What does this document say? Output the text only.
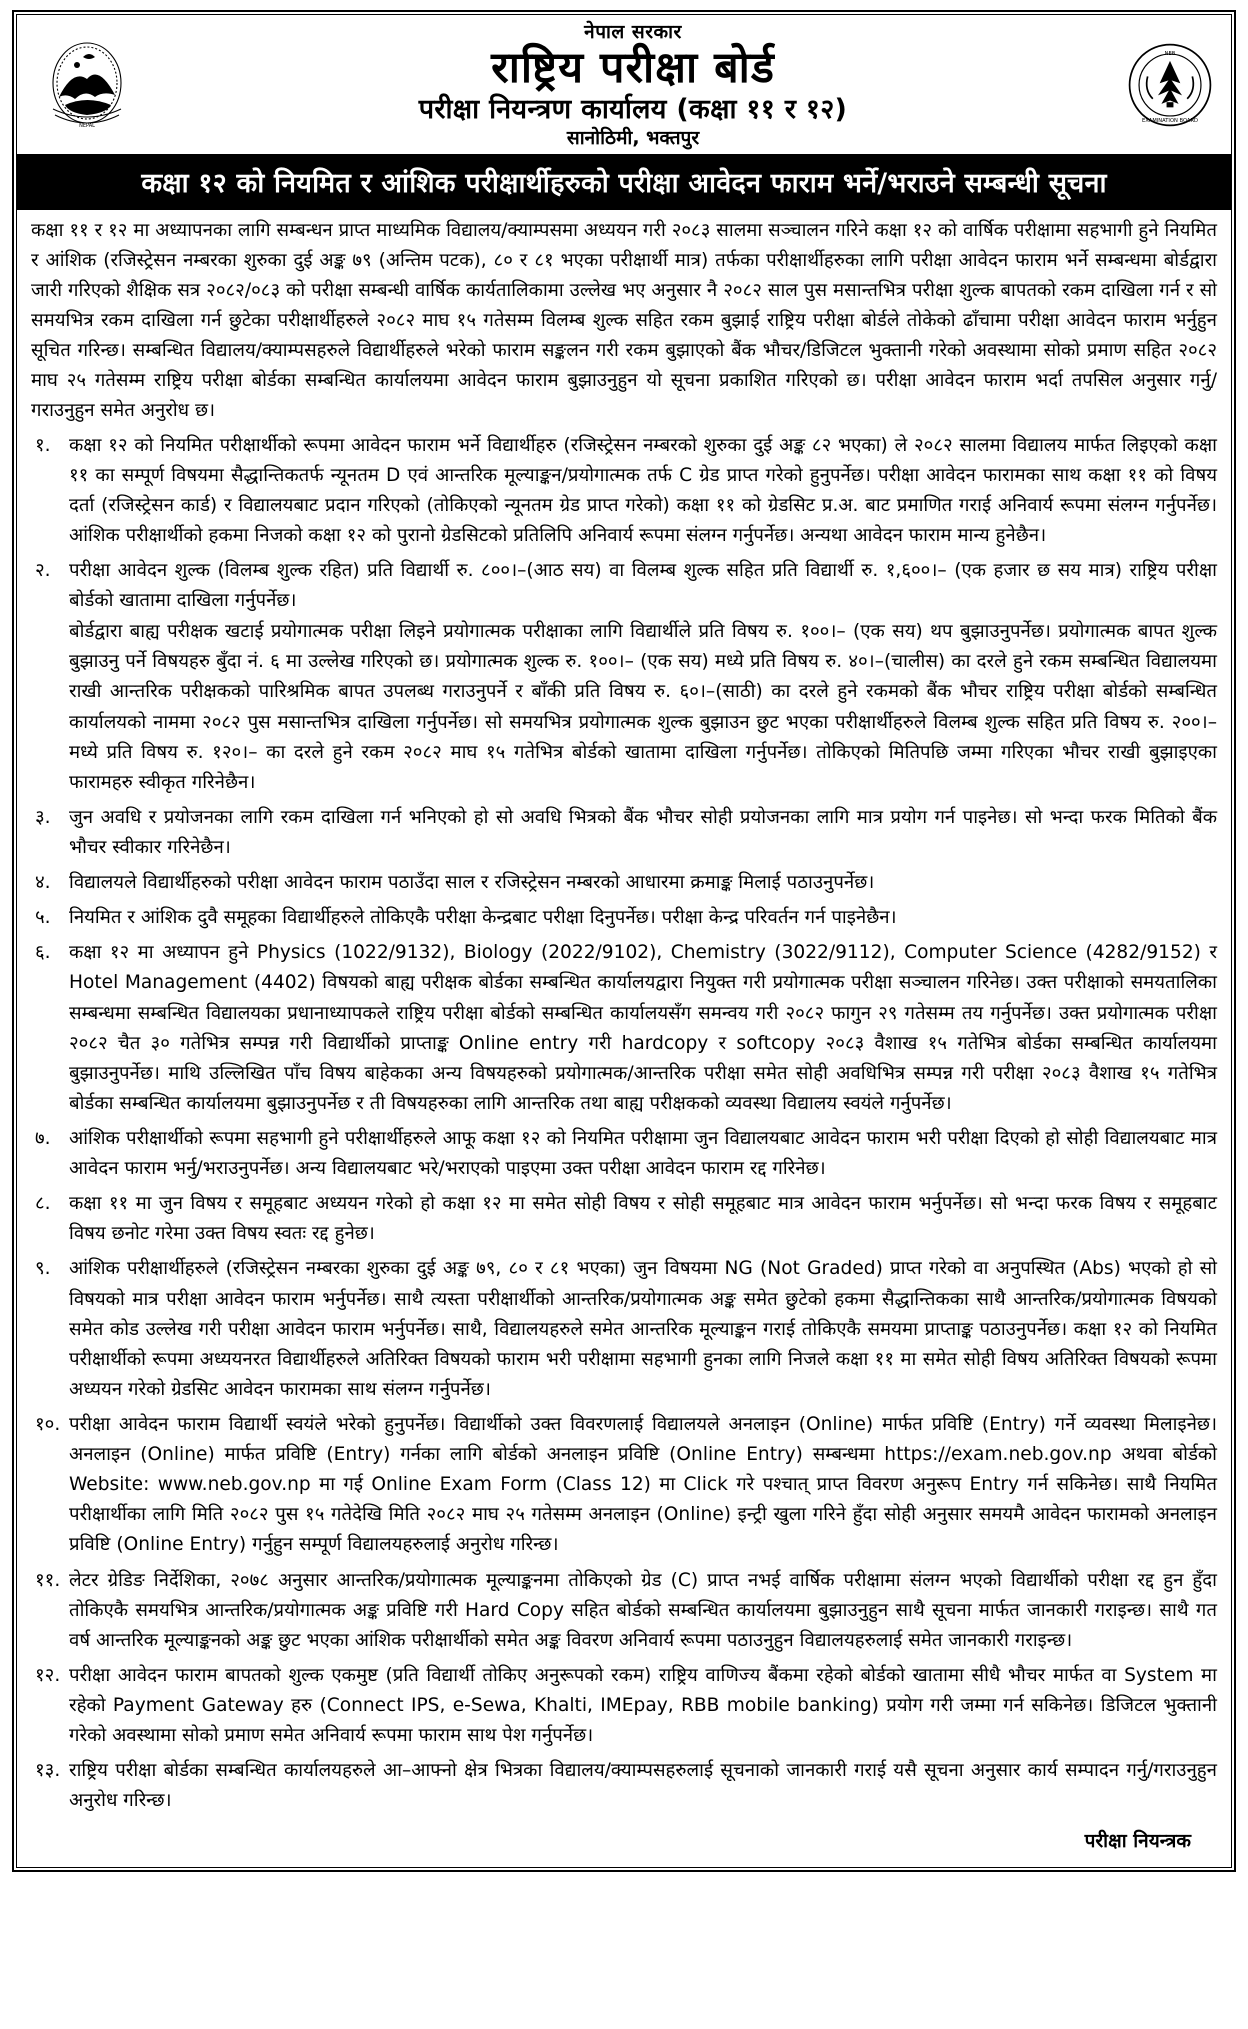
NEPAL
नेपाल सरकार
राष्ट्रिय परीक्षा बोर्ड
परीक्षा नियन्त्रण कार्यालय (कक्षा ११ र १२)
सानोठिमी, भक्तपुर
NEB
EXAMINATION BOARD
कक्षा १२ को नियमित र आंशिक परीक्षार्थीहरुको परीक्षा आवेदन फाराम भर्ने/भराउने सम्बन्धी सूचना

कक्षा ११ र १२ मा अध्यापनका लागि सम्बन्धन प्राप्त माध्यमिक विद्यालय/क्याम्पसमा अध्ययन गरी २०८३ सालमा सञ्चालन गरिने कक्षा १२ को वार्षिक परीक्षामा सहभागी हुने नियमित र आंशिक (रजिस्ट्रेसन नम्बरका शुरुका दुई अङ्क ७९ (अन्तिम पटक), ८० र ८१ भएका परीक्षार्थी मात्र) तर्फका परीक्षार्थीहरुका लागि परीक्षा आवेदन फाराम भर्ने सम्बन्धमा बोर्डद्वारा जारी गरिएको शैक्षिक सत्र २०८२/०८३ को परीक्षा सम्बन्धी वार्षिक कार्यतालिकामा उल्लेख भए अनुसार नै २०८२ साल पुस मसान्तभित्र परीक्षा शुल्क बापतको रकम दाखिला गर्न र सो समयभित्र रकम दाखिला गर्न छुटेका परीक्षार्थीहरुले २०८२ माघ १५ गतेसम्म विलम्ब शुल्क सहित रकम बुझाई राष्ट्रिय परीक्षा बोर्डले तोकेको ढाँचामा परीक्षा आवेदन फाराम भर्नुहुन सूचित गरिन्छ। सम्बन्धित विद्यालय/क्याम्पसहरुले विद्यार्थीहरुले भरेको फाराम सङ्कलन गरी रकम बुझाएको बैंक भौचर/डिजिटल भुक्तानी गरेको अवस्थामा सोको प्रमाण सहित २०८२ माघ २५ गतेसम्म राष्ट्रिय परीक्षा बोर्डका सम्बन्धित कार्यालयमा आवेदन फाराम बुझाउनुहुन यो सूचना प्रकाशित गरिएको छ। परीक्षा आवेदन फाराम भर्दा तपसिल अनुसार गर्नु/गराउनुहुन समेत अनुरोध छ।

१. कक्षा १२ को नियमित परीक्षार्थीको रूपमा आवेदन फाराम भर्ने विद्यार्थीहरु (रजिस्ट्रेसन नम्बरको शुरुका दुई अङ्क ८२ भएका) ले २०८२ सालमा विद्यालय मार्फत लिइएको कक्षा ११ का सम्पूर्ण विषयमा सैद्धान्तिकतर्फ न्यूनतम D एवं आन्तरिक मूल्याङ्कन/प्रयोगात्मक तर्फ C ग्रेड प्राप्त गरेको हुनुपर्नेछ। परीक्षा आवेदन फारामका साथ कक्षा ११ को विषय दर्ता (रजिस्ट्रेसन कार्ड) र विद्यालयबाट प्रदान गरिएको (तोकिएको न्यूनतम ग्रेड प्राप्त गरेको) कक्षा ११ को ग्रेडसिट प्र.अ. बाट प्रमाणित गराई अनिवार्य रूपमा संलग्न गर्नुपर्नेछ। आंशिक परीक्षार्थीको हकमा निजको कक्षा १२ को पुरानो ग्रेडसिटको प्रतिलिपि अनिवार्य रूपमा संलग्न गर्नुपर्नेछ। अन्यथा आवेदन फाराम मान्य हुनेछैन।

२. परीक्षा आवेदन शुल्क (विलम्ब शुल्क रहित) प्रति विद्यार्थी रु. ८००।–(आठ सय) वा विलम्ब शुल्क सहित प्रति विद्यार्थी रु. १,६००।– (एक हजार छ सय मात्र) राष्ट्रिय परीक्षा बोर्डको खातामा दाखिला गर्नुपर्नेछ।

बोर्डद्वारा बाह्य परीक्षक खटाई प्रयोगात्मक परीक्षा लिइने प्रयोगात्मक परीक्षाका लागि विद्यार्थीले प्रति विषय रु. १००।– (एक सय) थप बुझाउनुपर्नेछ। प्रयोगात्मक बापत शुल्क बुझाउनु पर्ने विषयहरु बुँदा नं. ६ मा उल्लेख गरिएको छ। प्रयोगात्मक शुल्क रु. १००।– (एक सय) मध्ये प्रति विषय रु. ४०।–(चालीस) का दरले हुने रकम सम्बन्धित विद्यालयमा राखी आन्तरिक परीक्षकको पारिश्रमिक बापत उपलब्ध गराउनुपर्ने र बाँकी प्रति विषय रु. ६०।–(साठी) का दरले हुने रकमको बैंक भौचर राष्ट्रिय परीक्षा बोर्डको सम्बन्धित कार्यालयको नाममा २०८२ पुस मसान्तभित्र दाखिला गर्नुपर्नेछ। सो समयभित्र प्रयोगात्मक शुल्क बुझाउन छुट भएका परीक्षार्थीहरुले विलम्ब शुल्क सहित प्रति विषय रु. २००।– मध्ये प्रति विषय रु. १२०।– का दरले हुने रकम २०८२ माघ १५ गतेभित्र बोर्डको खातामा दाखिला गर्नुपर्नेछ। तोकिएको मितिपछि जम्मा गरिएका भौचर राखी बुझाइएका फारामहरु स्वीकृत गरिनेछैन।

३. जुन अवधि र प्रयोजनका लागि रकम दाखिला गर्न भनिएको हो सो अवधि भित्रको बैंक भौचर सोही प्रयोजनका लागि मात्र प्रयोग गर्न पाइनेछ। सो भन्दा फरक मितिको बैंक भौचर स्वीकार गरिनेछैन।

४. विद्यालयले विद्यार्थीहरुको परीक्षा आवेदन फाराम पठाउँदा साल र रजिस्ट्रेसन नम्बरको आधारमा क्रमाङ्क मिलाई पठाउनुपर्नेछ।

५. नियमित र आंशिक दुवै समूहका विद्यार्थीहरुले तोकिएकै परीक्षा केन्द्रबाट परीक्षा दिनुपर्नेछ। परीक्षा केन्द्र परिवर्तन गर्न पाइनेछैन।

६. कक्षा १२ मा अध्यापन हुने Physics (1022/9132), Biology (2022/9102), Chemistry (3022/9112), Computer Science (4282/9152) र Hotel Management (4402) विषयको बाह्य परीक्षक बोर्डका सम्बन्धित कार्यालयद्वारा नियुक्त गरी प्रयोगात्मक परीक्षा सञ्चालन गरिनेछ। उक्त परीक्षाको समयतालिका सम्बन्धमा सम्बन्धित विद्यालयका प्रधानाध्यापकले राष्ट्रिय परीक्षा बोर्डको सम्बन्धित कार्यालयसँग समन्वय गरी २०८२ फागुन २९ गतेसम्म तय गर्नुपर्नेछ। उक्त प्रयोगात्मक परीक्षा २०८२ चैत ३० गतेभित्र सम्पन्न गरी विद्यार्थीको प्राप्ताङ्क Online entry गरी hardcopy र softcopy २०८३ वैशाख १५ गतेभित्र बोर्डका सम्बन्धित कार्यालयमा बुझाउनुपर्नेछ। माथि उल्लिखित पाँच विषय बाहेकका अन्य विषयहरुको प्रयोगात्मक/आन्तरिक परीक्षा समेत सोही अवधिभित्र सम्पन्न गरी परीक्षा २०८३ वैशाख १५ गतेभित्र बोर्डका सम्बन्धित कार्यालयमा बुझाउनुपर्नेछ र ती विषयहरुका लागि आन्तरिक तथा बाह्य परीक्षकको व्यवस्था विद्यालय स्वयंले गर्नुपर्नेछ।

७. आंशिक परीक्षार्थीको रूपमा सहभागी हुने परीक्षार्थीहरुले आफू कक्षा १२ को नियमित परीक्षामा जुन विद्यालयबाट आवेदन फाराम भरी परीक्षा दिएको हो सोही विद्यालयबाट मात्र आवेदन फाराम भर्नु/भराउनुपर्नेछ। अन्य विद्यालयबाट भरे/भराएको पाइएमा उक्त परीक्षा आवेदन फाराम रद्द गरिनेछ।

८. कक्षा ११ मा जुन विषय र समूहबाट अध्ययन गरेको हो कक्षा १२ मा समेत सोही विषय र सोही समूहबाट मात्र आवेदन फाराम भर्नुपर्नेछ। सो भन्दा फरक विषय र समूहबाट विषय छनोट गरेमा उक्त विषय स्वतः रद्द हुनेछ।

९. आंशिक परीक्षार्थीहरुले (रजिस्ट्रेसन नम्बरका शुरुका दुई अङ्क ७९, ८० र ८१ भएका) जुन विषयमा NG (Not Graded) प्राप्त गरेको वा अनुपस्थित (Abs) भएको हो सो विषयको मात्र परीक्षा आवेदन फाराम भर्नुपर्नेछ। साथै त्यस्ता परीक्षार्थीको आन्तरिक/प्रयोगात्मक अङ्क समेत छुटेको हकमा सैद्धान्तिकका साथै आन्तरिक/प्रयोगात्मक विषयको समेत कोड उल्लेख गरी परीक्षा आवेदन फाराम भर्नुपर्नेछ। साथै, विद्यालयहरुले समेत आन्तरिक मूल्याङ्कन गराई तोकिएकै समयमा प्राप्ताङ्क पठाउनुपर्नेछ। कक्षा १२ को नियमित परीक्षार्थीको रूपमा अध्ययनरत विद्यार्थीहरुले अतिरिक्त विषयको फाराम भरी परीक्षामा सहभागी हुनका लागि निजले कक्षा ११ मा समेत सोही विषय अतिरिक्त विषयको रूपमा अध्ययन गरेको ग्रेडसिट आवेदन फारामका साथ संलग्न गर्नुपर्नेछ।

१०. परीक्षा आवेदन फाराम विद्यार्थी स्वयंले भरेको हुनुपर्नेछ। विद्यार्थीको उक्त विवरणलाई विद्यालयले अनलाइन (Online) मार्फत प्रविष्टि (Entry) गर्ने व्यवस्था मिलाइनेछ। अनलाइन (Online) मार्फत प्रविष्टि (Entry) गर्नका लागि बोर्डको अनलाइन प्रविष्टि (Online Entry) सम्बन्धमा https://exam.neb.gov.np अथवा बोर्डको Website: www.neb.gov.np मा गई Online Exam Form (Class 12) मा Click गरे पश्चात् प्राप्त विवरण अनुरूप Entry गर्न सकिनेछ। साथै नियमित परीक्षार्थीका लागि मिति २०८२ पुस १५ गतेदेखि मिति २०८२ माघ २५ गतेसम्म अनलाइन (Online) इन्ट्री खुला गरिने हुँदा सोही अनुसार समयमै आवेदन फारामको अनलाइन प्रविष्टि (Online Entry) गर्नुहुन सम्पूर्ण विद्यालयहरुलाई अनुरोध गरिन्छ।

११. लेटर ग्रेडिङ निर्देशिका, २०७८ अनुसार आन्तरिक/प्रयोगात्मक मूल्याङ्कनमा तोकिएको ग्रेड (C) प्राप्त नभई वार्षिक परीक्षामा संलग्न भएको विद्यार्थीको परीक्षा रद्द हुन हुँदा तोकिएकै समयभित्र आन्तरिक/प्रयोगात्मक अङ्क प्रविष्टि गरी Hard Copy सहित बोर्डको सम्बन्धित कार्यालयमा बुझाउनुहुन साथै सूचना मार्फत जानकारी गराइन्छ। साथै गत वर्ष आन्तरिक मूल्याङ्कनको अङ्क छुट भएका आंशिक परीक्षार्थीको समेत अङ्क विवरण अनिवार्य रूपमा पठाउनुहुन विद्यालयहरुलाई समेत जानकारी गराइन्छ।

१२. परीक्षा आवेदन फाराम बापतको शुल्क एकमुष्ट (प्रति विद्यार्थी तोकिए अनुरूपको रकम) राष्ट्रिय वाणिज्य बैंकमा रहेको बोर्डको खातामा सीधै भौचर मार्फत वा System मा रहेको Payment Gateway हरु (Connect IPS, e-Sewa, Khalti, IMEpay, RBB mobile banking) प्रयोग गरी जम्मा गर्न सकिनेछ। डिजिटल भुक्तानी गरेको अवस्थामा सोको प्रमाण समेत अनिवार्य रूपमा फाराम साथ पेश गर्नुपर्नेछ।

१३. राष्ट्रिय परीक्षा बोर्डका सम्बन्धित कार्यालयहरुले आ–आफ्नो क्षेत्र भित्रका विद्यालय/क्याम्पसहरुलाई सूचनाको जानकारी गराई यसै सूचना अनुसार कार्य सम्पादन गर्नु/गराउनुहुन अनुरोध गरिन्छ।

परीक्षा नियन्त्रक
